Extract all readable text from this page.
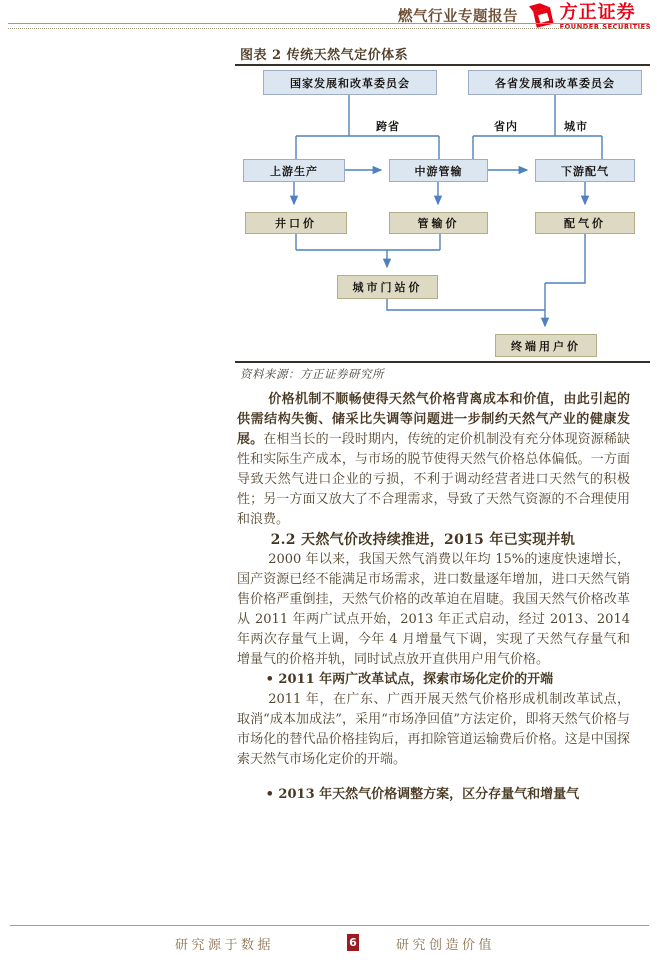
燃气行业专题报告 方正证券
FOUNDER SECURITIES
图表 2 传统天然气定价体系
国家发展和改革委员会	各省发展和改革委员会
跨省	省内	城市
上游生产	中游管输	下游配气
井口价	管输价	配气价
城市门站价
终端用户价
资料来源：方正证券研究所

价格机制不顺畅使得天然气价格背离成本和价值，由此引起的供需结构失衡、储采比失调等问题进一步制约天然气产业的健康发展。在相当长的一段时期内，传统的定价机制没有充分体现资源稀缺性和实际生产成本，与市场的脱节使得天然气价格总体偏低。一方面导致天然气进口企业的亏损，不利于调动经营者进口天然气的积极性；另一方面又放大了不合理需求，导致了天然气资源的不合理使用和浪费。

2.2 天然气价改持续推进，2015 年已实现并轨

2000 年以来，我国天然气消费以年均 15%的速度快速增长，国产资源已经不能满足市场需求，进口数量逐年增加，进口天然气销售价格严重倒挂，天然气价格的改革迫在眉睫。我国天然气价格改革从 2011 年两广试点开始，2013 年正式启动，经过 2013、2014 年两次存量气上调，今年 4 月增量气下调，实现了天然气存量气和增量气的价格并轨，同时试点放开直供用户用气价格。

• 2011 年两广改革试点，探索市场化定价的开端

2011 年，在广东、广西开展天然气价格形成机制改革试点，取消“成本加成法”，采用“市场净回值”方法定价，即将天然气价格与市场化的替代品价格挂钩后，再扣除管道运输费后价格。这是中国探索天然气市场化定价的开端。

• 2013 年天然气价格调整方案，区分存量气和增量气

研究源于数据	6	研究创造价值
